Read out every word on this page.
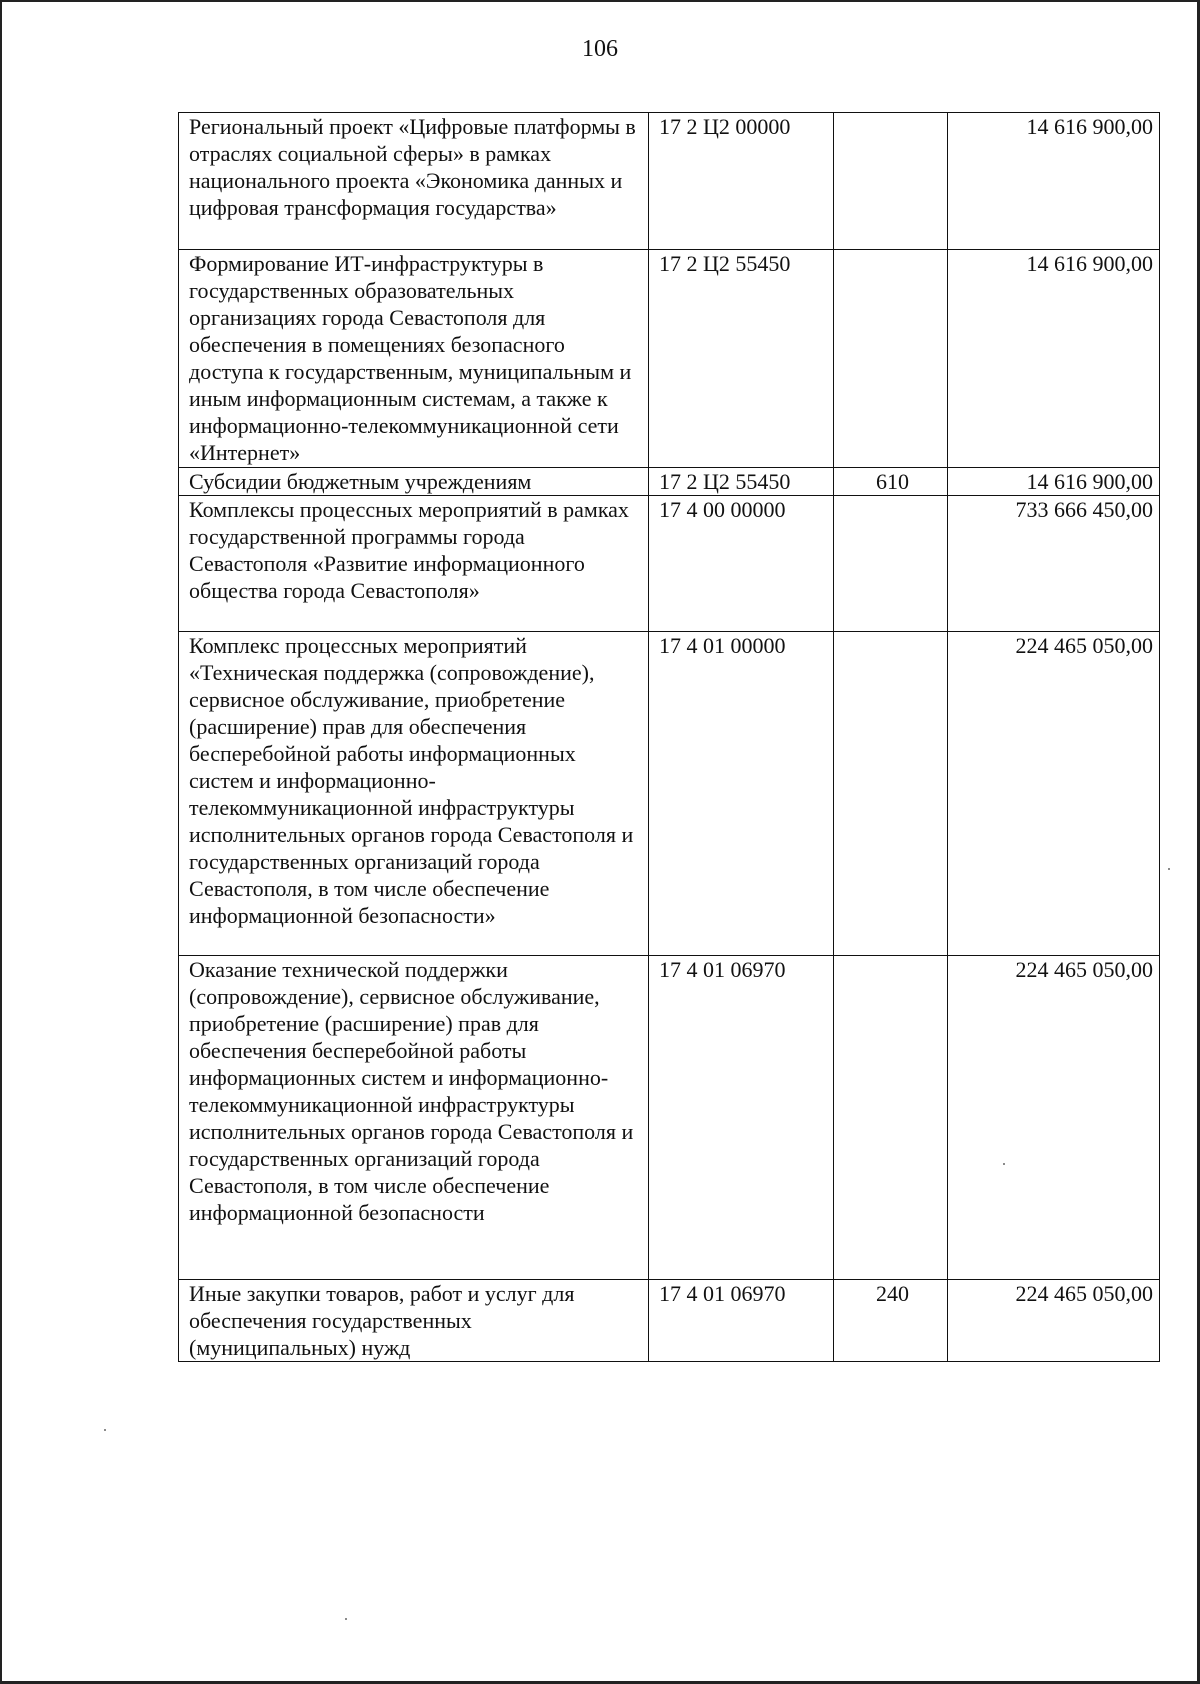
106
Региональный проект «Цифровые платформы в отраслях социальной сферы» в рамках национального проекта «Экономика данных и цифровая трансформация государства»	17 2 Ц2 00000		14 616 900,00
Формирование ИТ-инфраструктуры в государственных образовательных организациях города Севастополя для обеспечения в помещениях безопасного доступа к государственным, муниципальным и иным информационным системам, а также к информационно-телекоммуникационной сети «Интернет»	17 2 Ц2 55450		14 616 900,00
Субсидии бюджетным учреждениям	17 2 Ц2 55450	610	14 616 900,00
Комплексы процессных мероприятий в рамках государственной программы города Севастополя «Развитие информационного общества города Севастополя»	17 4 00 00000		733 666 450,00
Комплекс процессных мероприятий «Техническая поддержка (сопровождение), сервисное обслуживание, приобретение (расширение) прав для обеспечения бесперебойной работы информационных систем и информационно-телекоммуникационной инфраструктуры исполнительных органов города Севастополя и государственных организаций города Севастополя, в том числе обеспечение информационной безопасности»	17 4 01 00000		224 465 050,00
Оказание технической поддержки (сопровождение), сервисное обслуживание, приобретение (расширение) прав для обеспечения бесперебойной работы информационных систем и информационно-телекоммуникационной инфраструктуры исполнительных органов города Севастополя и государственных организаций города Севастополя, в том числе обеспечение информационной безопасности	17 4 01 06970		224 465 050,00
Иные закупки товаров, работ и услуг для обеспечения государственных (муниципальных) нужд	17 4 01 06970	240	224 465 050,00
